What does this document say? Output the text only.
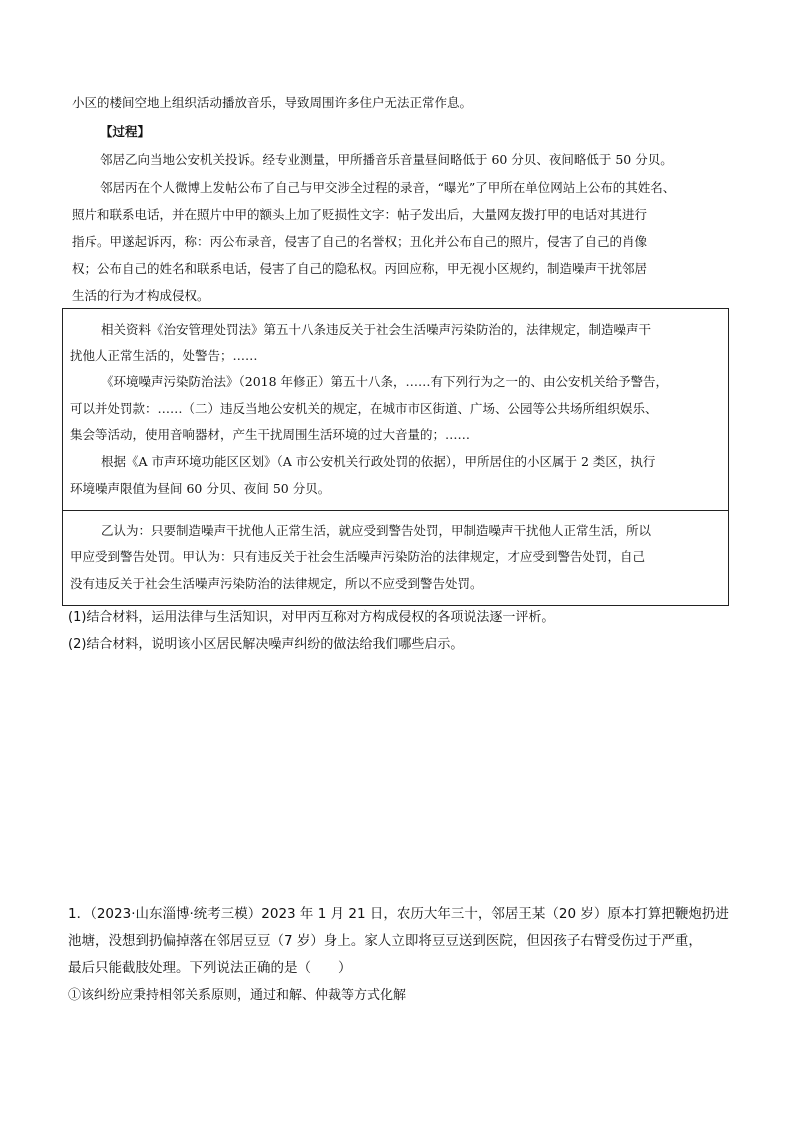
小区的楼间空地上组织活动播放音乐，导致周围许多住户无法正常作息。
【过程】
邻居乙向当地公安机关投诉。经专业测量，甲所播音乐音量昼间略低于 60 分贝、夜间略低于 50 分贝。
邻居丙在个人微博上发帖公布了自己与甲交涉全过程的录音，“曝光”了甲所在单位网站上公布的其姓名、
照片和联系电话，并在照片中甲的额头上加了贬损性文字：帖子发出后，大量网友拨打甲的电话对其进行
指斥。甲遂起诉丙，称：丙公布录音，侵害了自己的名誉权；丑化并公布自己的照片，侵害了自己的肖像
权；公布自己的姓名和联系电话，侵害了自己的隐私权。丙回应称，甲无视小区规约，制造噪声干扰邻居
生活的行为才构成侵权。
相关资料《治安管理处罚法》第五十八条违反关于社会生活噪声污染防治的，法律规定，制造噪声干
扰他人正常生活的，处警告；……
《环境噪声污染防治法》（2018 年修正）第五十八条，……有下列行为之一的、由公安机关给予警告，
可以并处罚款：……（二）违反当地公安机关的规定，在城市市区街道、广场、公园等公共场所组织娱乐、
集会等活动，使用音响器材，产生干扰周围生活环境的过大音量的；……
根据《A 市声环境功能区区划》（A 市公安机关行政处罚的依据），甲所居住的小区属于 2 类区，执行
环境噪声限值为昼间 60 分贝、夜间 50 分贝。
乙认为：只要制造噪声干扰他人正常生活，就应受到警告处罚，甲制造噪声干扰他人正常生活，所以
甲应受到警告处罚。甲认为：只有违反关于社会生活噪声污染防治的法律规定，才应受到警告处罚，自己
没有违反关于社会生活噪声污染防治的法律规定，所以不应受到警告处罚。
(1)结合材料，运用法律与生活知识，对甲丙互称对方构成侵权的各项说法逐一评析。
(2)结合材料，说明该小区居民解决噪声纠纷的做法给我们哪些启示。
1．（2023·山东淄博·统考三模）2023 年 1 月 21 日，农历大年三十，邻居王某（20 岁）原本打算把鞭炮扔进
池塘，没想到扔偏掉落在邻居豆豆（7 岁）身上。家人立即将豆豆送到医院，但因孩子右臂受伤过于严重，
最后只能截肢处理。下列说法正确的是（　　）
①该纠纷应秉持相邻关系原则，通过和解、仲裁等方式化解
